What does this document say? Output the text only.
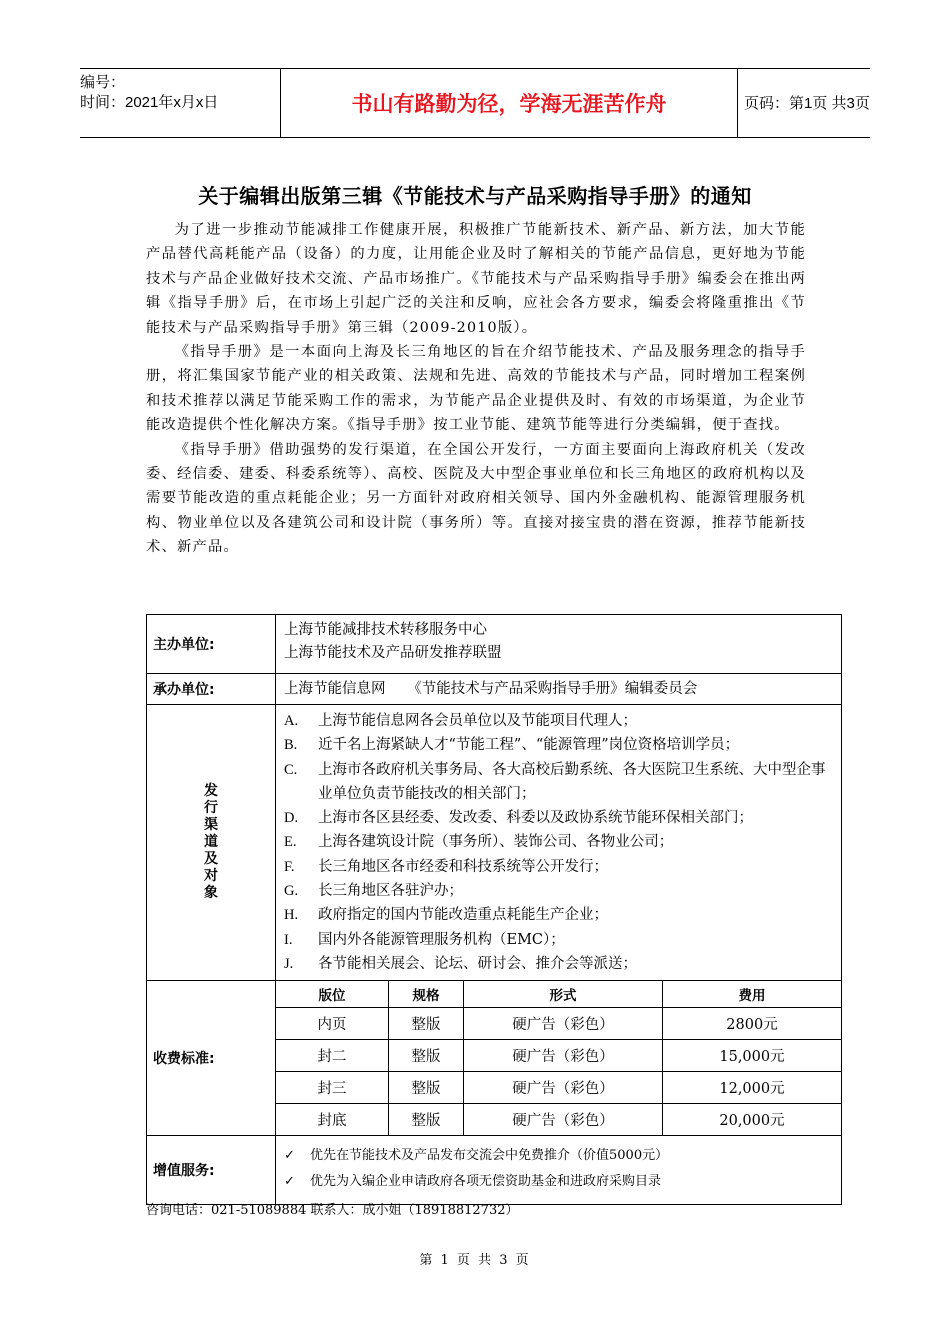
编号：
时间：2021年x月x日	书山有路勤为径，学海无涯苦作舟	页码：第1页 共3页
关于编辑出版第三辑《节能技术与产品采购指导手册》的通知

为了进一步推动节能减排工作健康开展，积极推广节能新技术、新产品、新方法，加大节能产品替代高耗能产品（设备）的力度，让用能企业及时了解相关的节能产品信息，更好地为节能技术与产品企业做好技术交流、产品市场推广。《节能技术与产品采购指导手册》编委会在推出两辑《指导手册》后，在市场上引起广泛的关注和反响，应社会各方要求，编委会将隆重推出《节能技术与产品采购指导手册》第三辑（2009-2010版）。

《指导手册》是一本面向上海及长三角地区的旨在介绍节能技术、产品及服务理念的指导手册，将汇集国家节能产业的相关政策、法规和先进、高效的节能技术与产品，同时增加工程案例和技术推荐以满足节能采购工作的需求，为节能产品企业提供及时、有效的市场渠道，为企业节能改造提供个性化解决方案。《指导手册》按工业节能、建筑节能等进行分类编辑，便于查找。

《指导手册》借助强势的发行渠道，在全国公开发行，一方面主要面向上海政府机关（发改委、经信委、建委、科委系统等）、高校、医院及大中型企事业单位和长三角地区的政府机构以及需要节能改造的重点耗能企业；另一方面针对政府相关领导、国内外金融机构、能源管理服务机构、物业单位以及各建筑公司和设计院（事务所）等。直接对接宝贵的潜在资源，推荐节能新技术、新产品。

主办单位:	
上海节能减排技术转移服务中心
上海节能技术及产品研发推荐联盟

承办单位:	上海节能信息网　　《节能技术与产品采购指导手册》编辑委员会

发
行
渠
道
及
对
象

A.	上海节能信息网各会员单位以及节能项目代理人；
B.	近千名上海紧缺人才“节能工程”、“能源管理”岗位资格培训学员；
C.	上海市各政府机关事务局、各大高校后勤系统、各大医院卫生系统、大中型企事业单位负责节能技改的相关部门；
D.	上海市各区县经委、发改委、科委以及政协系统节能环保相关部门；
E.	上海各建筑设计院（事务所）、装饰公司、各物业公司；
F.	长三角地区各市经委和科技系统等公开发行；
G.	长三角地区各驻沪办；
H.	政府指定的国内节能改造重点耗能生产企业；
I.	国内外各能源管理服务机构（EMC）；
J.	各节能相关展会、论坛、研讨会、推介会等派送；

收费标准:	
版位	规格	形式	费用
内页	整版	硬广告（彩色）	2800元
封二	整版	硬广告（彩色）	15,000元
封三	整版	硬广告（彩色）	12,000元
封底	整版	硬广告（彩色）	20,000元

增值服务:	
✓ 优先在节能技术及产品发布交流会中免费推介（价值5000元）
✓ 优先为入编企业申请政府各项无偿资助基金和进政府采购目录
咨询电话：021-51089884 联系人：成小姐（18918812732）
第 1 页 共 3 页
